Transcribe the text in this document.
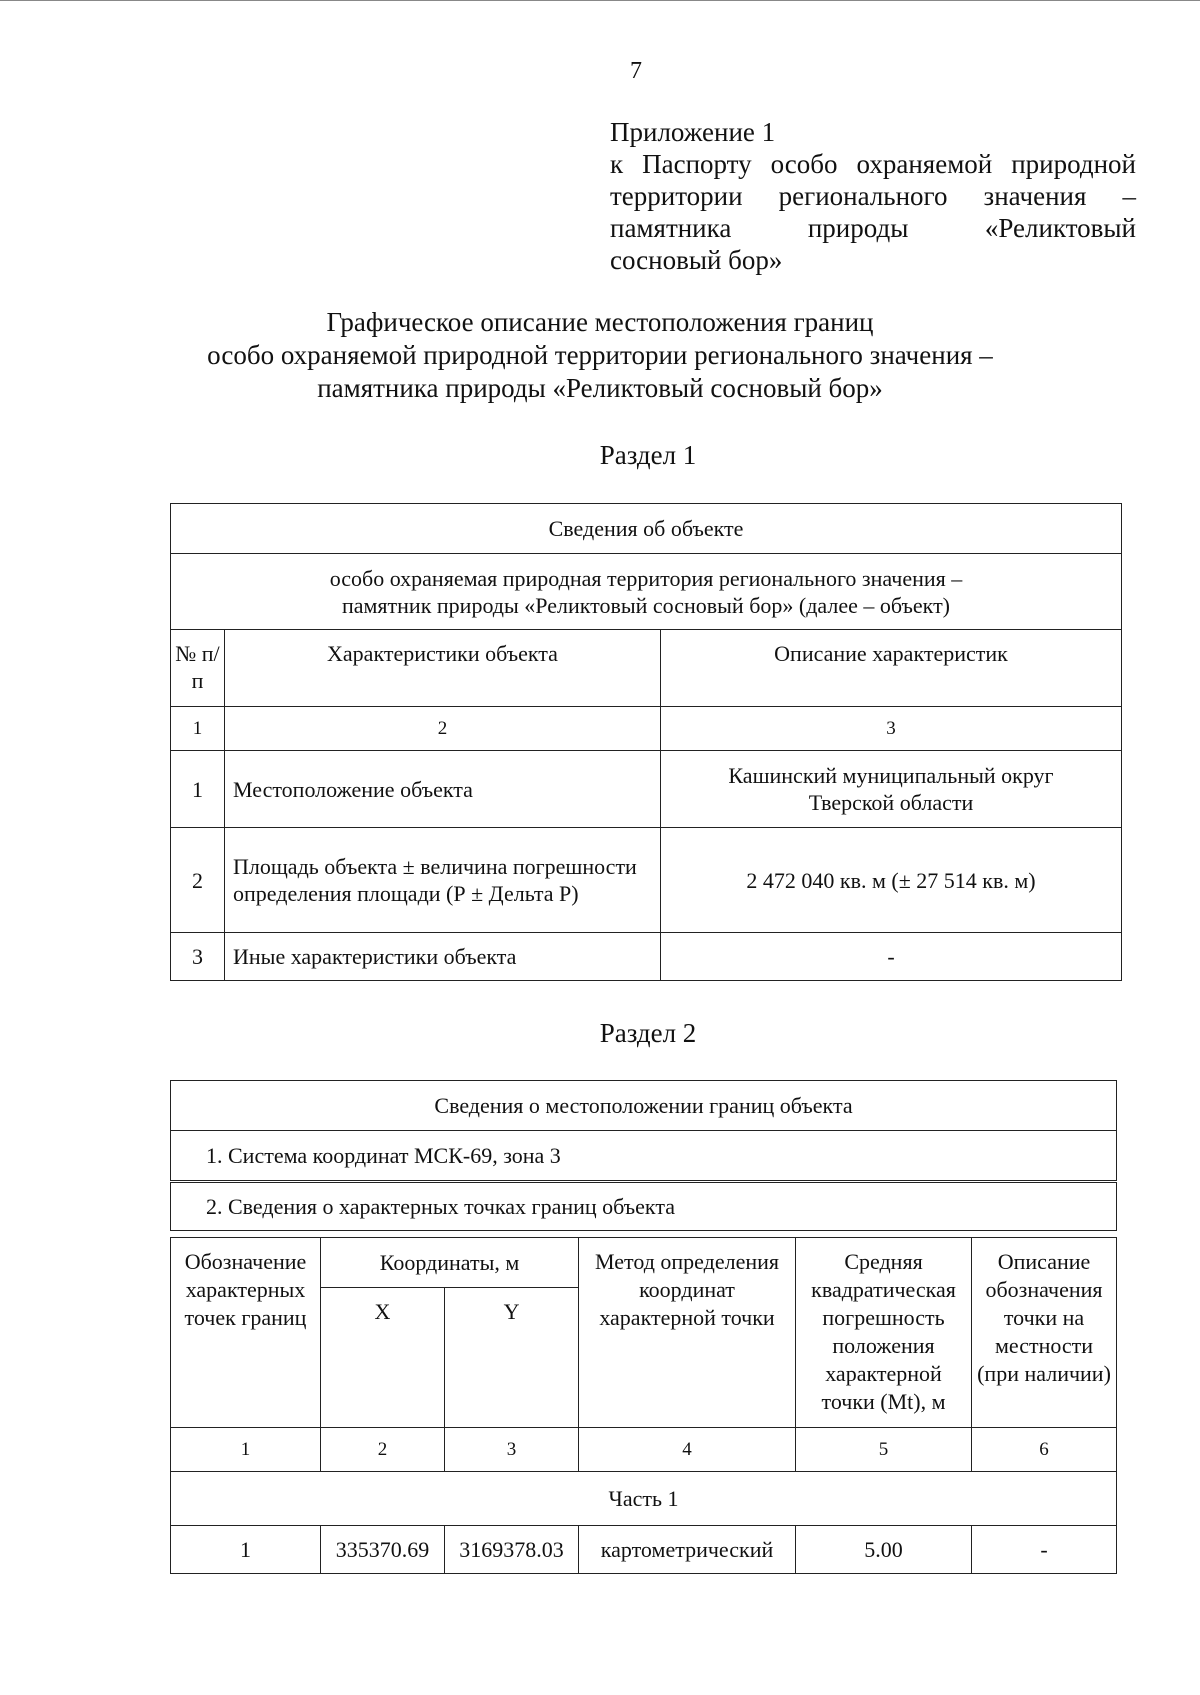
7
Приложение 1
к Паспорту особо охраняемой природной
территории регионального значения –
памятника природы «Реликтовый
сосновый бор»
Графическое описание местоположения границ
особо охраняемой природной территории регионального значения –
памятника природы «Реликтовый сосновый бор»
Раздел 1
Сведения об объекте		

особо охраняемая природная территория регионального значения –
памятник природы «Реликтовый сосновый бор» (далее – объект)		

№ п/п	Характеристики объекта	Описание характеристик
1	2	3
1	Местоположение объекта	Кашинский муниципальный округ Тверской области
2	Площадь объекта ± величина погрешности определения площади (Р ± Дельта Р)	2 472 040 кв. м (± 27 514 кв. м)
3	Иные характеристики объекта	-
Раздел 2
Сведения о местоположении границ объекта
1. Система координат МСК-69, зона 3
2. Сведения о характерных точках границ объекта
Обозначение характерных точек границ	Координаты, м		Метод определения координат характерной точки	Средняя квадратическая погрешность положения характерной точки (Mt), м	Описание обозначения точки на местности (при наличии)
	X	Y			
1	2	3	4	5	6
Часть 1					
1	335370.69	3169378.03	картометрический	5.00	-
